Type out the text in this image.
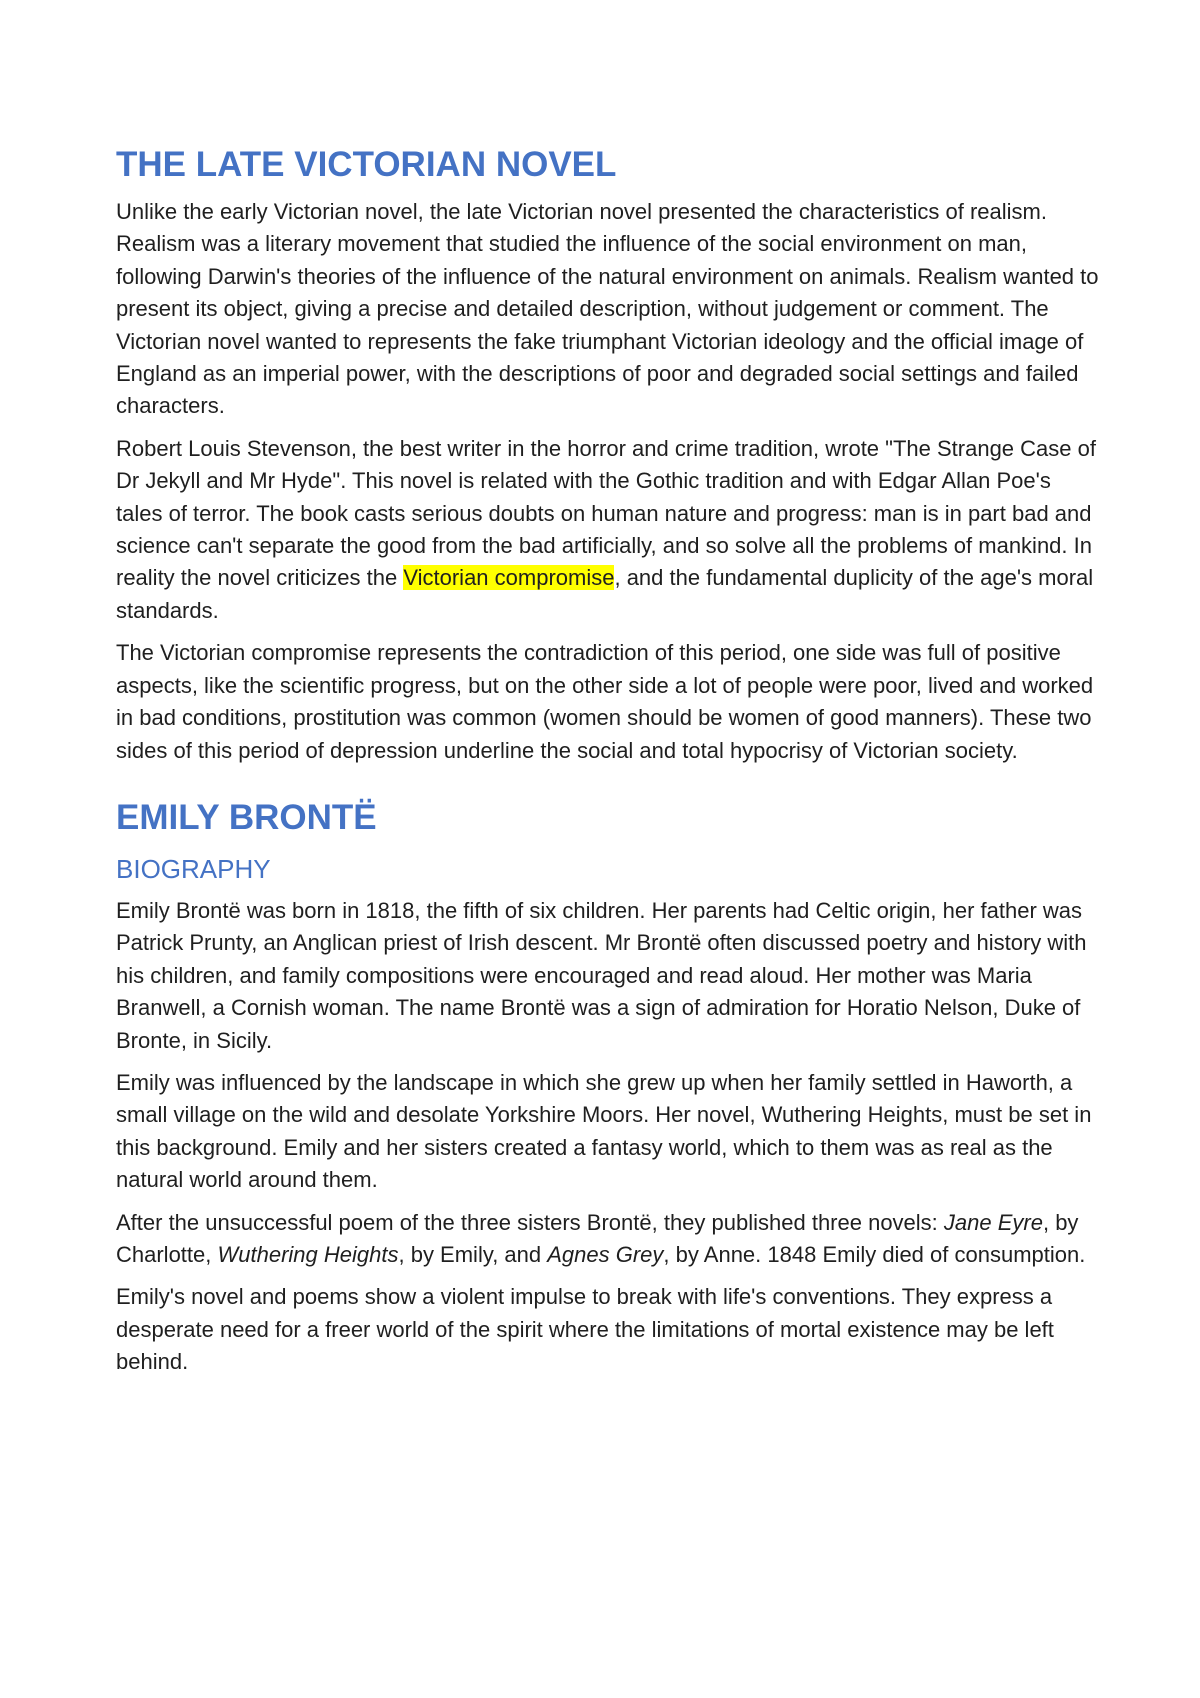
THE LATE VICTORIAN NOVEL

Unlike the early Victorian novel, the late Victorian novel presented the characteristics of realism. Realism was a literary movement that studied the influence of the social environment on man, following Darwin's theories of the influence of the natural environment on animals. Realism wanted to present its object, giving a precise and detailed description, without judgement or comment. The Victorian novel wanted to represents the fake triumphant Victorian ideology and the official image of England as an imperial power, with the descriptions of poor and degraded social settings and failed characters.

Robert Louis Stevenson, the best writer in the horror and crime tradition, wrote "The Strange Case of Dr Jekyll and Mr Hyde". This novel is related with the Gothic tradition and with Edgar Allan Poe's tales of terror. The book casts serious doubts on human nature and progress: man is in part bad and science can't separate the good from the bad artificially, and so solve all the problems of mankind. In reality the novel criticizes the Victorian compromise, and the fundamental duplicity of the age's moral standards.

The Victorian compromise represents the contradiction of this period, one side was full of positive aspects, like the scientific progress, but on the other side a lot of people were poor, lived and worked in bad conditions, prostitution was common (women should be women of good manners). These two sides of this period of depression underline the social and total hypocrisy of Victorian society.

EMILY BRONTË
BIOGRAPHY

Emily Brontë was born in 1818, the fifth of six children. Her parents had Celtic origin, her father was Patrick Prunty, an Anglican priest of Irish descent. Mr Brontë often discussed poetry and history with his children, and family compositions were encouraged and read aloud. Her mother was Maria Branwell, a Cornish woman. The name Brontë was a sign of admiration for Horatio Nelson, Duke of Bronte, in Sicily.

Emily was influenced by the landscape in which she grew up when her family settled in Haworth, a small village on the wild and desolate Yorkshire Moors. Her novel, Wuthering Heights, must be set in this background. Emily and her sisters created a fantasy world, which to them was as real as the natural world around them.

After the unsuccessful poem of the three sisters Brontë, they published three novels: Jane Eyre, by Charlotte, Wuthering Heights, by Emily, and Agnes Grey, by Anne. 1848 Emily died of consumption.

Emily's novel and poems show a violent impulse to break with life's conventions. They express a desperate need for a freer world of the spirit where the limitations of mortal existence may be left behind.
